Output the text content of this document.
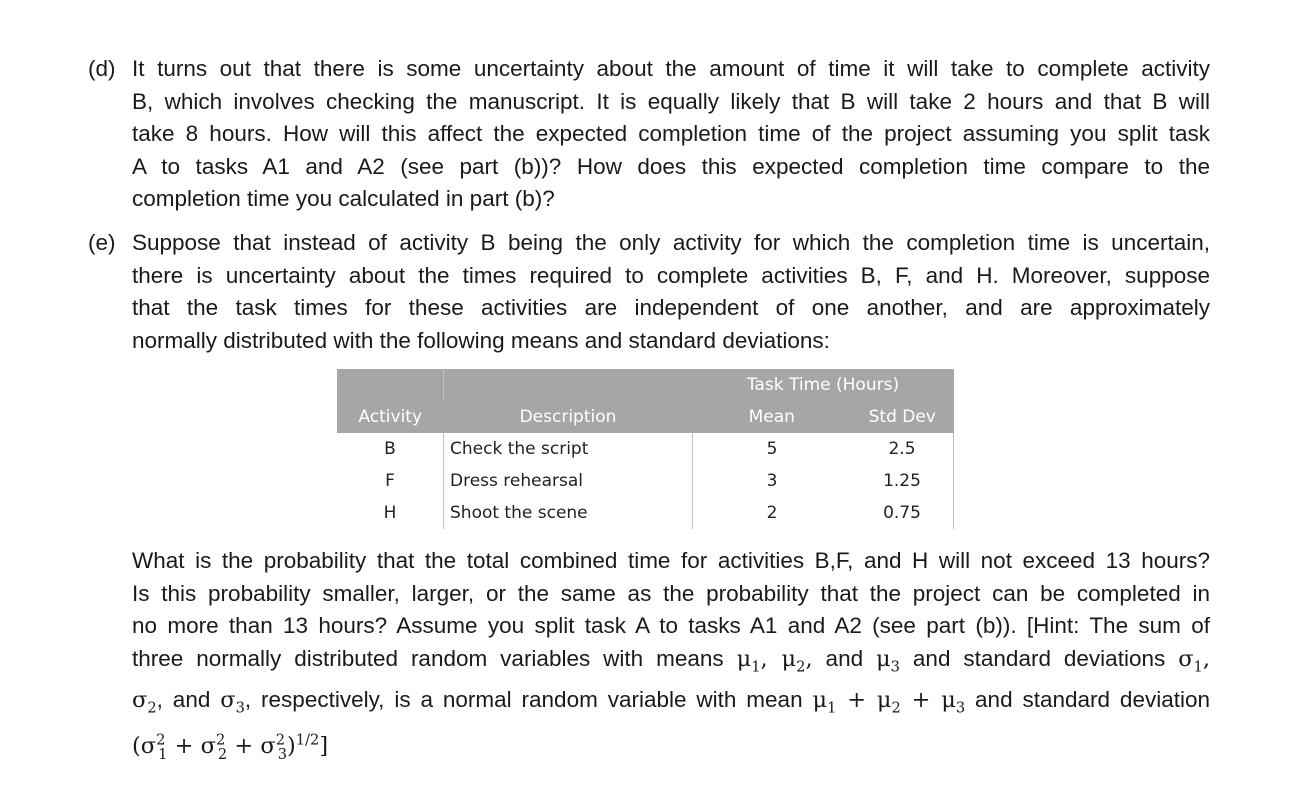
(d) It turns out that there is some uncertainty about the amount of time it will take to complete activity
B, which involves checking the manuscript. It is equally likely that B will take 2 hours and that B will
take 8 hours. How will this affect the expected completion time of the project assuming you split task
A to tasks A1 and A2 (see part (b))? How does this expected completion time compare to the
completion time you calculated in part (b)?
(e) Suppose that instead of activity B being the only activity for which the completion time is uncertain,
there is uncertainty about the times required to complete activities B, F, and H. Moreover, suppose
that the task times for these activities are independent of one another, and are approximately
normally distributed with the following means and standard deviations:
		Task Time (Hours)	
Activity	Description	Mean	Std Dev
B	Check the script	5	2.5
F	Dress rehearsal	3	1.25
H	Shoot the scene	2	0.75
What is the probability that the total combined time for activities B,F, and H will not exceed 13 hours?
Is this probability smaller, larger, or the same as the probability that the project can be completed in
no more than 13 hours? Assume you split task A to tasks A1 and A2 (see part (b)). [Hint: The sum of
three normally distributed random variables with means $\mu_1$, $\mu_2$, and $\mu_3$ and standard deviations $\sigma_1$,
$\sigma_2$, and $\sigma_3$, respectively, is a normal random variable with mean $\mu_1 + \mu_2 + \mu_3$ and standard deviation
$(\sigma^2_1 + \sigma^2_2 + \sigma^2_3)^{1/2}$]
